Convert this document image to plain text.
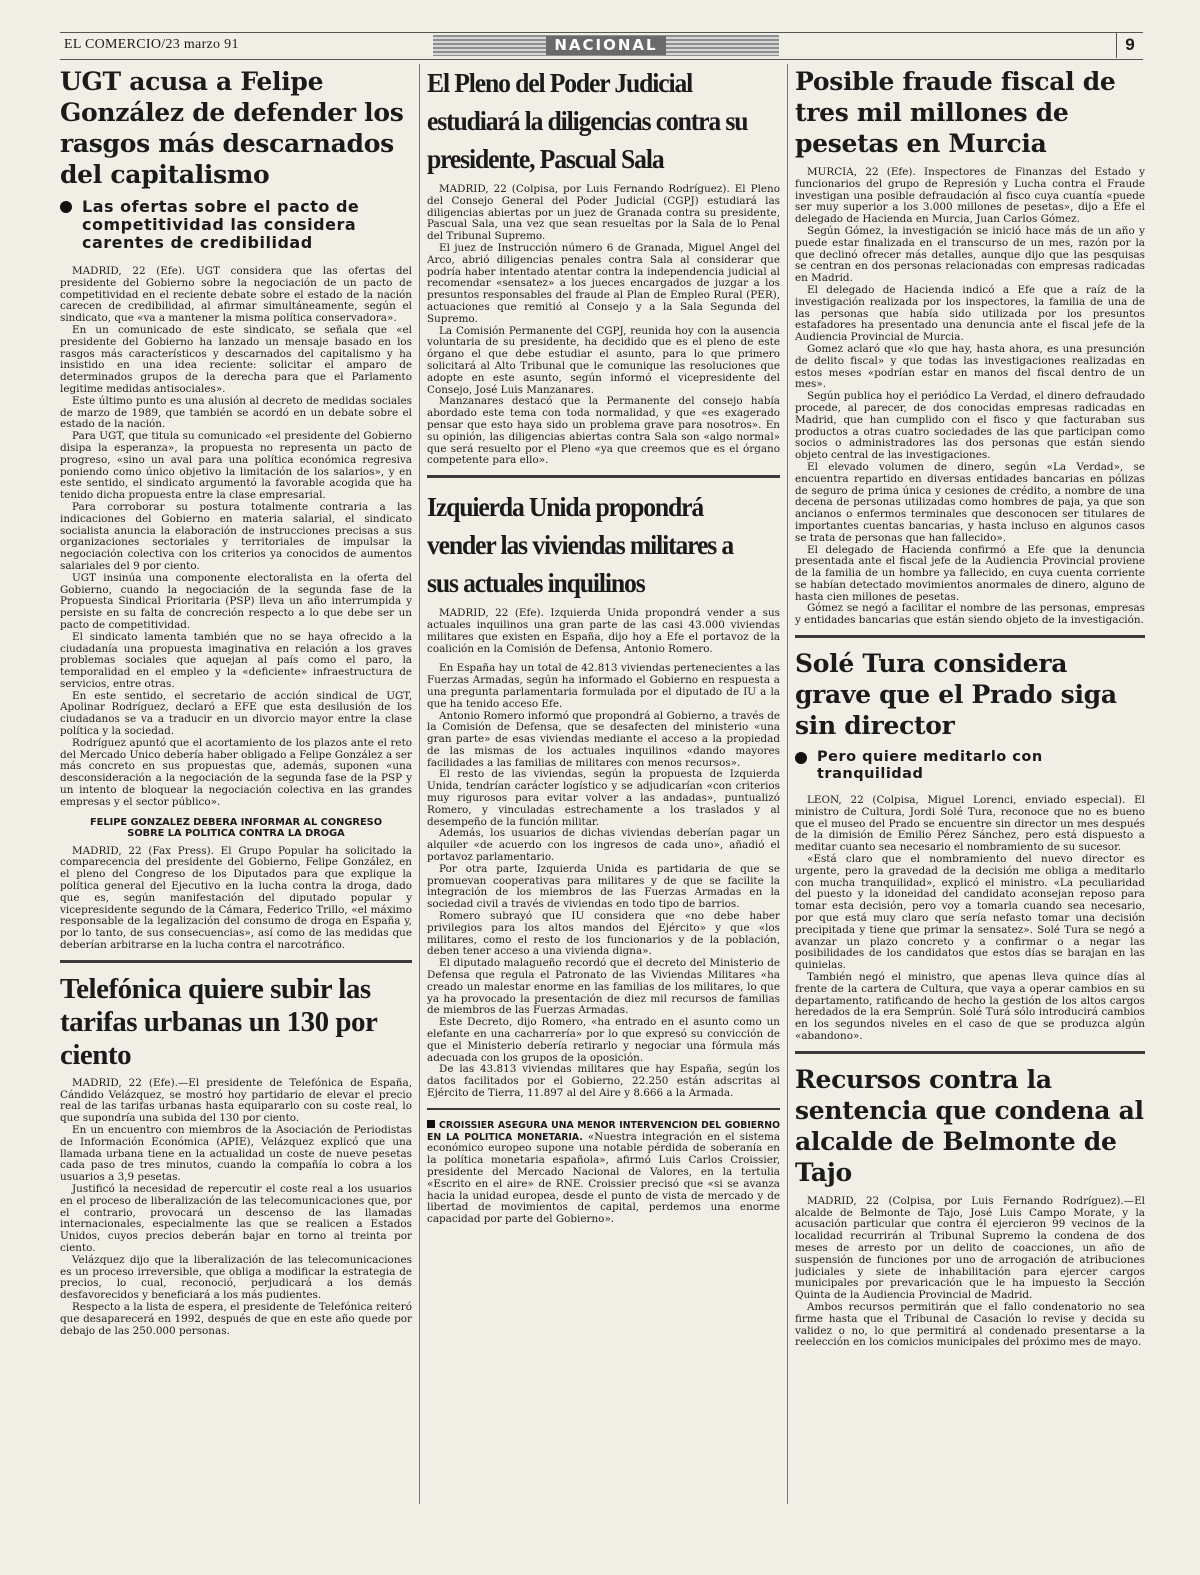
EL COMERCIO/23 marzo 91	NACIONAL	9
UGT acusa a Felipe González de defender los rasgos más descarnados del capitalismo
Las ofertas sobre el pacto de competitividad las considera carentes de credibilidad

MADRID, 22 (Efe). UGT considera que las ofertas del presidente del Gobierno sobre la negociación de un pacto de competitividad en el reciente debate sobre el estado de la nación carecen de credibilidad, al afirmar simultáneamente, según el sindicato, que «va a mantener la misma política conservadora».

En un comunicado de este sindicato, se señala que «el presidente del Gobierno ha lanzado un mensaje basado en los rasgos más característicos y descarnados del capitalismo y ha insistido en una idea reciente: solicitar el amparo de determinados grupos de la derecha para que el Parlamento legitime medidas antisociales».

Este último punto es una alusión al decreto de medidas sociales de marzo de 1989, que también se acordó en un debate sobre el estado de la nación.

Para UGT, que titula su comunicado «el presidente del Gobierno disipa la esperanza», la propuesta no representa un pacto de progreso, «sino un aval para una política económica regresiva poniendo como único objetivo la limitación de los salarios», y en este sentido, el sindicato argumentó la favorable acogida que ha tenido dicha propuesta entre la clase empresarial.

Para corroborar su postura totalmente contraria a las indicaciones del Gobierno en materia salarial, el sindicato socialista anuncia la elaboración de instrucciones precisas a sus organizaciones sectoriales y territoriales de impulsar la negociación colectiva con los criterios ya conocidos de aumentos salariales del 9 por ciento.

UGT insinúa una componente electoralista en la oferta del Gobierno, cuando la negociación de la segunda fase de la Propuesta Sindical Prioritaria (PSP) lleva un año interrumpida y persiste en su falta de concreción respecto a lo que debe ser un pacto de competitividad.

El sindicato lamenta también que no se haya ofrecido a la ciudadanía una propuesta imaginativa en relación a los graves problemas sociales que aquejan al país como el paro, la temporalidad en el empleo y la «deficiente» infraestructura de servicios, entre otras.

En este sentido, el secretario de acción sindical de UGT, Apolinar Rodríguez, declaró a EFE que esta desilusión de los ciudadanos se va a traducir en un divorcio mayor entre la clase política y la sociedad.

Rodríguez apuntó que el acortamiento de los plazos ante el reto del Mercado Unico debería haber obligado a Felipe González a ser más concreto en sus propuestas que, además, suponen «una desconsideración a la negociación de la segunda fase de la PSP y un intento de bloquear la negociación colectiva en las grandes empresas y el sector público».

FELIPE GONZALEZ DEBERA INFORMAR AL CONGRESO SOBRE LA POLITICA CONTRA LA DROGA

MADRID, 22 (Fax Press). El Grupo Popular ha solicitado la comparecencia del presidente del Gobierno, Felipe González, en el pleno del Congreso de los Diputados para que explique la política general del Ejecutivo en la lucha contra la droga, dado que es, según manifestación del diputado popular y vicepresidente segundo de la Cámara, Federico Trillo, «el máximo responsable de la legalización del consumo de droga en España y, por lo tanto, de sus consecuencias», así como de las medidas que deberían arbitrarse en la lucha contra el narcotráfico.

Telefónica quiere subir las tarifas urbanas un 130 por ciento

MADRID, 22 (Efe).—El presidente de Telefónica de España, Cándido Velázquez, se mostró hoy partidario de elevar el precio real de las tarifas urbanas hasta equipararlo con su coste real, lo que supondría una subida del 130 por ciento.

En un encuentro con miembros de la Asociación de Periodistas de Información Económica (APIE), Velázquez explicó que una llamada urbana tiene en la actualidad un coste de nueve pesetas cada paso de tres minutos, cuando la compañía lo cobra a los usuarios a 3,9 pesetas.

Justificó la necesidad de repercutir el coste real a los usuarios en el proceso de liberalización de las telecomunicaciones que, por el contrario, provocará un descenso de las llamadas internacionales, especialmente las que se realicen a Estados Unidos, cuyos precios deberán bajar en torno al treinta por ciento.

Velázquez dijo que la liberalización de las telecomunicaciones es un proceso irreversible, que obliga a modificar la estrategia de precios, lo cual, reconoció, perjudicará a los demás desfavorecidos y beneficiará a los más pudientes.

Respecto a la lista de espera, el presidente de Telefónica reiteró que desaparecerá en 1992, después de que en este año quede por debajo de las 250.000 personas.

El Pleno del Poder Judicial estudiará la diligencias contra su presidente, Pascual Sala

MADRID, 22 (Colpisa, por Luis Fernando Rodríguez). El Pleno del Consejo General del Poder Judicial (CGPJ) estudiará las diligencias abiertas por un juez de Granada contra su presidente, Pascual Sala, una vez que sean resueltas por la Sala de lo Penal del Tribunal Supremo.

El juez de Instrucción número 6 de Granada, Miguel Angel del Arco, abrió diligencias penales contra Sala al considerar que podría haber intentado atentar contra la independencia judicial al recomendar «sensatez» a los jueces encargados de juzgar a los presuntos responsables del fraude al Plan de Empleo Rural (PER), actuaciones que remitió al Consejo y a la Sala Segunda del Supremo.

La Comisión Permanente del CGPJ, reunida hoy con la ausencia voluntaria de su presidente, ha decidido que es el pleno de este órgano el que debe estudiar el asunto, para lo que primero solicitará al Alto Tribunal que le comunique las resoluciones que adopte en este asunto, según informó el vicepresidente del Consejo, José Luis Manzanares.

Manzanares destacó que la Permanente del consejo había abordado este tema con toda normalidad, y que «es exagerado pensar que esto haya sido un problema grave para nosotros». En su opinión, las diligencias abiertas contra Sala son «algo normal» que será resuelto por el Pleno «ya que creemos que es el órgano competente para ello».

Izquierda Unida propondrá vender las viviendas militares a sus actuales inquilinos

MADRID, 22 (Efe). Izquierda Unida propondrá vender a sus actuales inquilinos una gran parte de las casi 43.000 viviendas militares que existen en España, dijo hoy a Efe el portavoz de la coalición en la Comisión de Defensa, Antonio Romero.

En España hay un total de 42.813 viviendas pertenecientes a las Fuerzas Armadas, según ha informado el Gobierno en respuesta a una pregunta parlamentaria formulada por el diputado de IU a la que ha tenido acceso Efe.

Antonio Romero informó que propondrá al Gobierno, a través de la Comisión de Defensa, que se desafecten del ministerio «una gran parte» de esas viviendas mediante el acceso a la propiedad de las mismas de los actuales inquilinos «dando mayores facilidades a las familias de militares con menos recursos».

El resto de las viviendas, según la propuesta de Izquierda Unida, tendrían carácter logístico y se adjudicarían «con criterios muy rigurosos para evitar volver a las andadas», puntualizó Romero, y vinculadas estrechamente a los traslados y al desempeño de la función militar.

Además, los usuarios de dichas viviendas deberían pagar un alquiler «de acuerdo con los ingresos de cada uno», añadió el portavoz parlamentario.

Por otra parte, Izquierda Unida es partidaria de que se promuevan cooperativas para militares y de que se facilite la integración de los miembros de las Fuerzas Armadas en la sociedad civil a través de viviendas en todo tipo de barrios.

Romero subrayó que IU considera que «no debe haber privilegios para los altos mandos del Ejército» y que «los militares, como el resto de los funcionarios y de la población, deben tener acceso a una vivienda digna».

El diputado malagueño recordó que el decreto del Ministerio de Defensa que regula el Patronato de las Viviendas Militares «ha creado un malestar enorme en las familias de los militares, lo que ya ha provocado la presentación de diez mil recursos de familias de miembros de las Fuerzas Armadas.

Este Decreto, dijo Romero, «ha entrado en el asunto como un elefante en una cacharrería» por lo que expresó su convicción de que el Ministerio debería retirarlo y negociar una fórmula más adecuada con los grupos de la oposición.

De las 43.813 viviendas militares que hay España, según los datos facilitados por el Gobierno, 22.250 están adscritas al Ejército de Tierra, 11.897 al del Aire y 8.666 a la Armada.

CROISSIER ASEGURA UNA MENOR INTERVENCION DEL GOBIERNO EN LA POLITICA MONETARIA. «Nuestra integración en el sistema económico europeo supone una notable pérdida de soberanía en la política monetaria española», afirmó Luis Carlos Croissier, presidente del Mercado Nacional de Valores, en la tertulia «Escrito en el aire» de RNE. Croissier precisó que «si se avanza hacia la unidad europea, desde el punto de vista de mercado y de libertad de movimientos de capital, perdemos una enorme capacidad por parte del Gobierno».

Posible fraude fiscal de tres mil millones de pesetas en Murcia

MURCIA, 22 (Efe). Inspectores de Finanzas del Estado y funcionarios del grupo de Represión y Lucha contra el Fraude investigan una posible defraudación al fisco cuya cuantía «puede ser muy superior a los 3.000 millones de pesetas», dijo a Efe el delegado de Hacienda en Murcia, Juan Carlos Gómez.

Según Gómez, la investigación se inició hace más de un año y puede estar finalizada en el transcurso de un mes, razón por la que declinó ofrecer más detalles, aunque dijo que las pesquisas se centran en dos personas relacionadas con empresas radicadas en Madrid.

El delegado de Hacienda indicó a Efe que a raíz de la investigación realizada por los inspectores, la familia de una de las personas que había sido utilizada por los presuntos estafadores ha presentado una denuncia ante el fiscal jefe de la Audiencia Provincial de Murcia.

Gomez aclaró que «lo que hay, hasta ahora, es una presunción de delito fiscal» y que todas las investigaciones realizadas en estos meses «podrían estar en manos del fiscal dentro de un mes».

Según publica hoy el periódico La Verdad, el dinero defraudado procede, al parecer, de dos conocidas empresas radicadas en Madrid, que han cumplido con el fisco y que facturaban sus productos a otras cuatro sociedades de las que participan como socios o administradores las dos personas que están siendo objeto central de las investigaciones.

El elevado volumen de dinero, según «La Verdad», se encuentra repartido en diversas entidades bancarias en pólizas de seguro de prima única y cesiones de crédito, a nombre de una decena de personas utilizadas como hombres de paja, ya que son ancianos o enfermos terminales que desconocen ser titulares de importantes cuentas bancarias, y hasta incluso en algunos casos se trata de personas que han fallecido».

El delegado de Hacienda confirmó a Efe que la denuncia presentada ante el fiscal jefe de la Audiencia Provincial proviene de la familia de un hombre ya fallecido, en cuya cuenta corriente se habían detectado movimientos anormales de dinero, alguno de hasta cien millones de pesetas.

Gómez se negó a facilitar el nombre de las personas, empresas y entidades bancarias que están siendo objeto de la investigación.

Solé Tura considera grave que el Prado siga sin director
Pero quiere meditarlo con tranquilidad

LEON, 22 (Colpisa, Miguel Lorenci, enviado especial). El ministro de Cultura, Jordi Solé Tura, reconoce que no es bueno que el museo del Prado se encuentre sin director un mes después de la dimisión de Emilio Pérez Sánchez, pero está dispuesto a meditar cuanto sea necesario el nombramiento de su sucesor.

«Está claro que el nombramiento del nuevo director es urgente, pero la gravedad de la decisión me obliga a meditarlo con mucha tranquilidad», explicó el ministro. «La peculiaridad del puesto y la idoneidad del candidato aconsejan reposo para tomar esta decisión, pero voy a tomarla cuando sea necesario, por que está muy claro que sería nefasto tomar una decisión precipitada y tiene que primar la sensatez». Solé Tura se negó a avanzar un plazo concreto y a confirmar o a negar las posibilidades de los candidatos que estos días se barajan en las quinielas.

También negó el ministro, que apenas lleva quince días al frente de la cartera de Cultura, que vaya a operar cambios en su departamento, ratificando de hecho la gestión de los altos cargos heredados de la era Semprún. Solé Turá sólo introducirá cambios en los segundos niveles en el caso de que se produzca algún «abandono».

Recursos contra la sentencia que condena al alcalde de Belmonte de Tajo

MADRID, 22 (Colpisa, por Luis Fernando Rodríguez).—El alcalde de Belmonte de Tajo, José Luis Campo Morate, y la acusación particular que contra él ejercieron 99 vecinos de la localidad recurrirán al Tribunal Supremo la condena de dos meses de arresto por un delito de coacciones, un año de suspensión de funciones por uno de arrogación de atribuciones judiciales y siete de inhabilitación para ejercer cargos municipales por prevaricación que le ha impuesto la Sección Quinta de la Audiencia Provincial de Madrid.

Ambos recursos permitirán que el fallo condenatorio no sea firme hasta que el Tribunal de Casación lo revise y decida su validez o no, lo que permitirá al condenado presentarse a la reelección en los comicios municipales del próximo mes de mayo.
